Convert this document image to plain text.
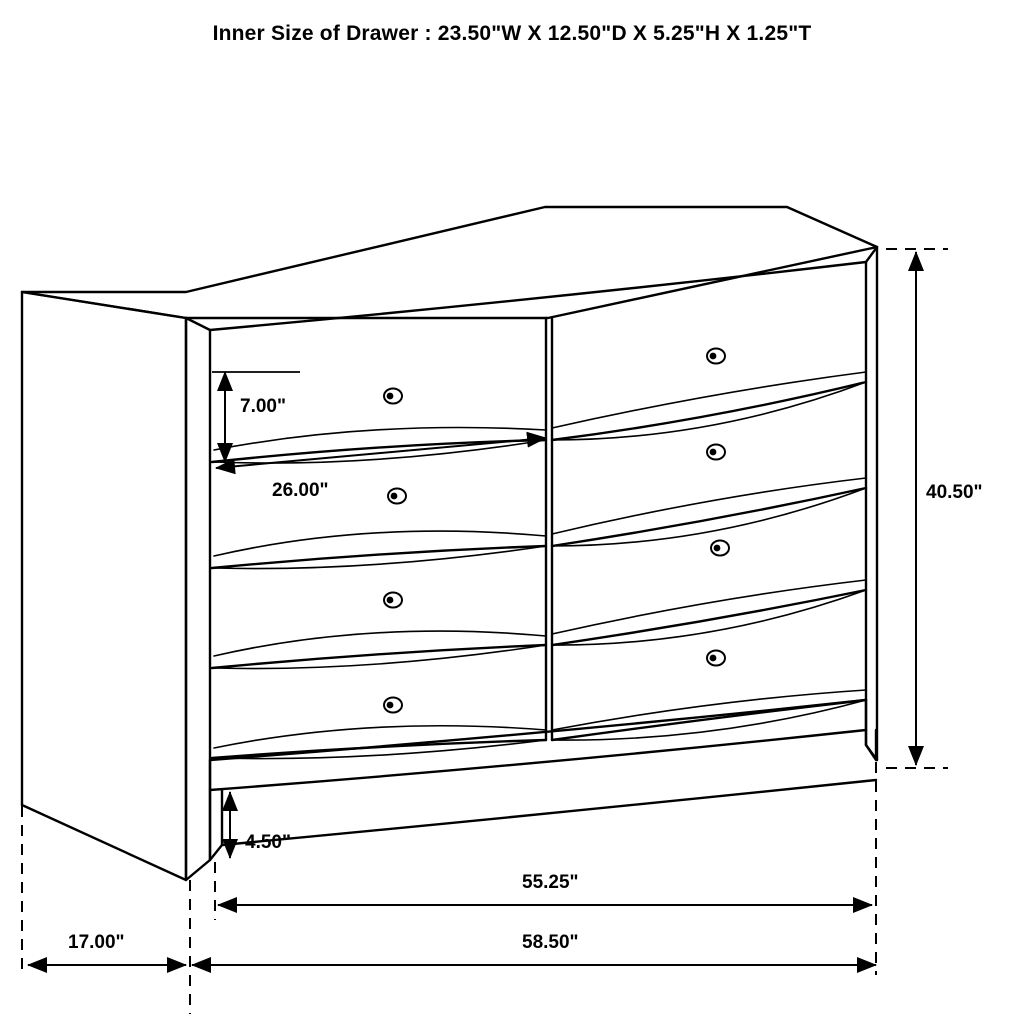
Inner Size of Drawer : 23.50"W X 12.50"D X 5.25"H X 1.25"T
40.50"
7.00"
26.00"
4.50"
55.25"
58.50"
17.00"
